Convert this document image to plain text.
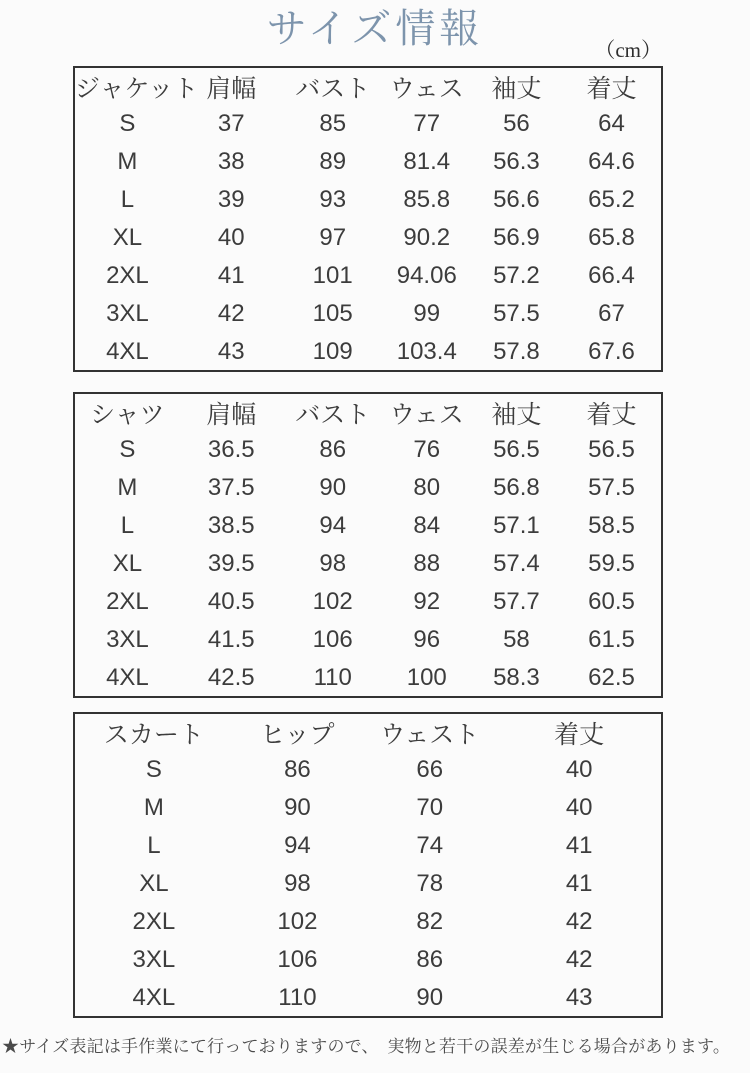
サイズ情報	（cm）
ジャケット	肩幅	バスト	ウェス	袖丈	着丈
S	37	85	77	56	64
M	38	89	81.4	56.3	64.6
L	39	93	85.8	56.6	65.2
XL	40	97	90.2	56.9	65.8
2XL	41	101	94.06	57.2	66.4
3XL	42	105	99	57.5	67
4XL	43	109	103.4	57.8	67.6
シャツ	肩幅	バスト	ウェス	袖丈	着丈
S	36.5	86	76	56.5	56.5
M	37.5	90	80	56.8	57.5
L	38.5	94	84	57.1	58.5
XL	39.5	98	88	57.4	59.5
2XL	40.5	102	92	57.7	60.5
3XL	41.5	106	96	58	61.5
4XL	42.5	110	100	58.3	62.5
スカート	ヒップ	ウェスト	着丈
S	86	66	40
M	90	70	40
L	94	74	41
XL	98	78	41
2XL	102	82	42
3XL	106	86	42
4XL	110	90	43
★サイズ表記は手作業にて行っておりますので、　実物と若干の誤差が生じる場合があります。
